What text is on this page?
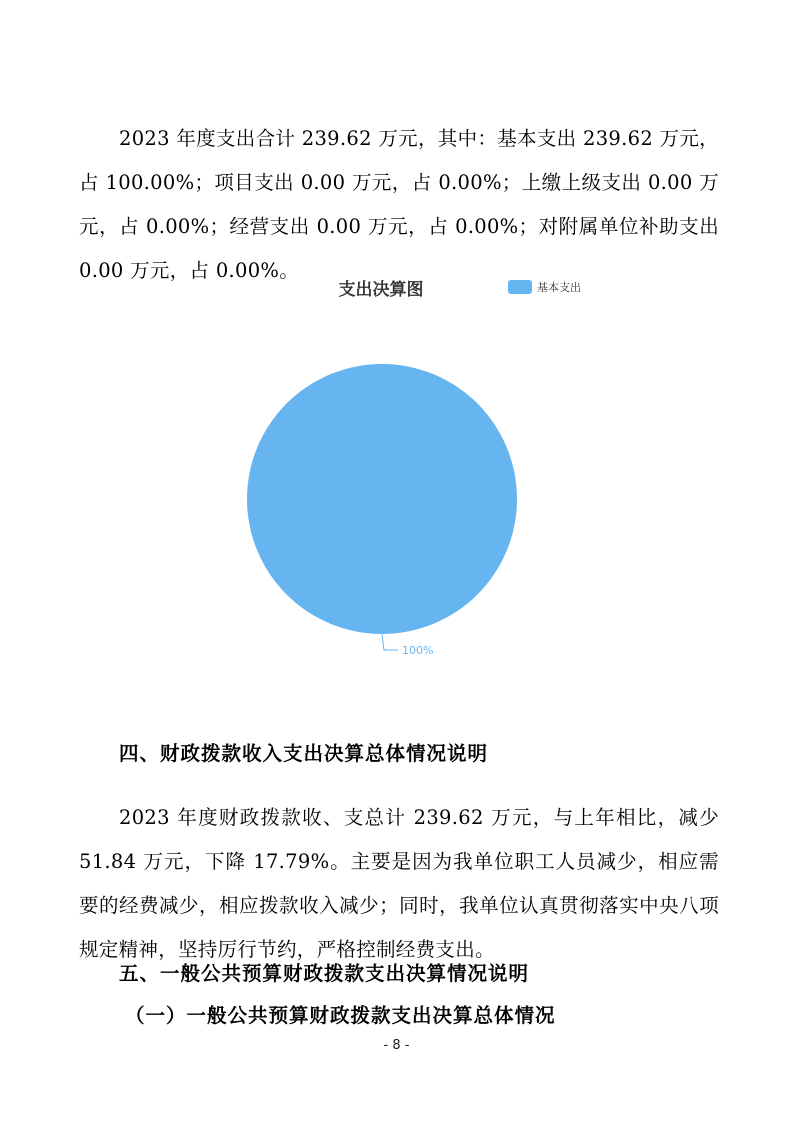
2023 年度支出合计 239.62 万元，其中：基本支出 239.62 万元，占 100.00%；项目支出 0.00 万元，占 0.00%；上缴上级支出 0.00 万元，占 0.00%；经营支出 0.00 万元，占 0.00%；对附属单位补助支出 0.00 万元，占 0.00%。

支出决算图	基本支出
100%
四、财政拨款收入支出决算总体情况说明

2023 年度财政拨款收、支总计 239.62 万元，与上年相比，减少 51.84 万元，下降 17.79%。主要是因为我单位职工人员减少，相应需要的经费减少，相应拨款收入减少；同时，我单位认真贯彻落实中央八项规定精神，坚持厉行节约，严格控制经费支出。

五、一般公共预算财政拨款支出决算情况说明
（一）一般公共预算财政拨款支出决算总体情况
- 8 -
